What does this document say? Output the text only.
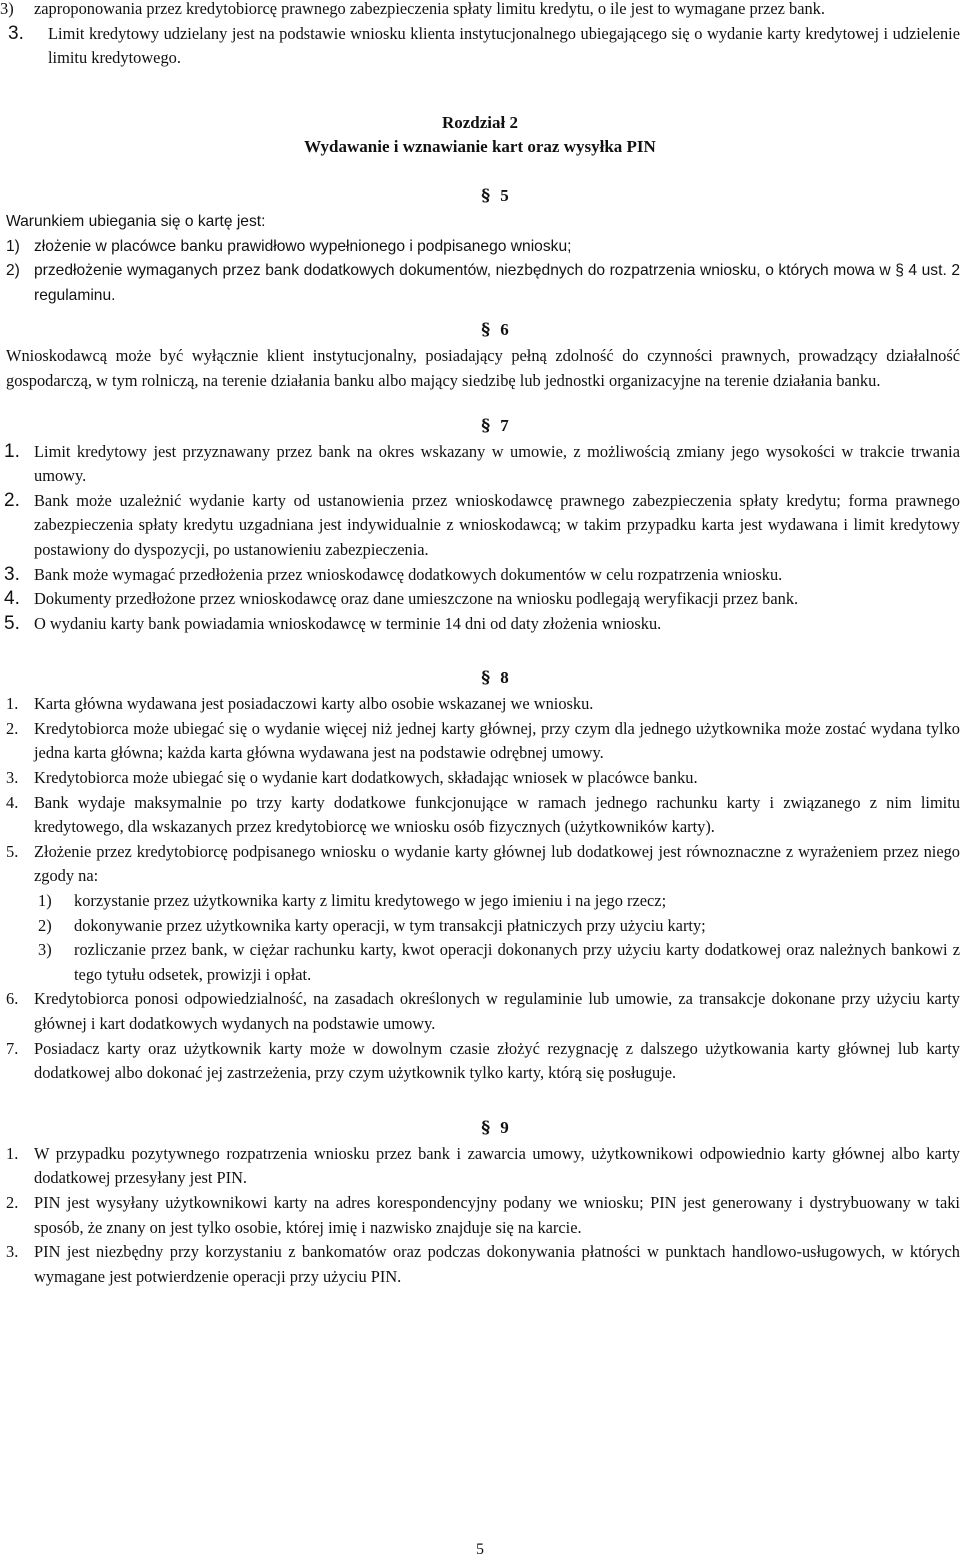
3) zaproponowania przez kredytobiorcę prawnego zabezpieczenia spłaty limitu kredytu, o ile jest to wymagane przez bank.
3. Limit kredytowy udzielany jest na podstawie wniosku klienta instytucjonalnego ubiegającego się o wydanie karty kredytowej i udzielenie limitu kredytowego.
Rozdział 2
Wydawanie i wznawianie kart oraz wysyłka PIN
§ 5
Warunkiem ubiegania się o kartę jest:
1) złożenie w placówce banku prawidłowo wypełnionego i podpisanego wniosku;
2) przedłożenie wymaganych przez bank dodatkowych dokumentów, niezbędnych do rozpatrzenia wniosku, o których mowa w § 4 ust. 2 regulaminu.
§ 6
Wnioskodawcą może być wyłącznie klient instytucjonalny, posiadający pełną zdolność do czynności prawnych, prowadzący działalność gospodarczą, w tym rolniczą, na terenie działania banku albo mający siedzibę lub jednostki organizacyjne na terenie działania banku.
§ 7
1. Limit kredytowy jest przyznawany przez bank na okres wskazany w umowie, z możliwością zmiany jego wysokości w trakcie trwania umowy.
2. Bank może uzależnić wydanie karty od ustanowienia przez wnioskodawcę prawnego zabezpieczenia spłaty kredytu; forma prawnego zabezpieczenia spłaty kredytu uzgadniana jest indywidualnie z wnioskodawcą; w takim przypadku karta jest wydawana i limit kredytowy postawiony do dyspozycji, po ustanowieniu zabezpieczenia.
3. Bank może wymagać przedłożenia przez wnioskodawcę dodatkowych dokumentów w celu rozpatrzenia wniosku.
4. Dokumenty przedłożone przez wnioskodawcę oraz dane umieszczone na wniosku podlegają weryfikacji przez bank.
5. O wydaniu karty bank powiadamia wnioskodawcę w terminie 14 dni od daty złożenia wniosku.
§ 8
1. Karta główna wydawana jest posiadaczowi karty albo osobie wskazanej we wniosku.
2. Kredytobiorca może ubiegać się o wydanie więcej niż jednej karty głównej, przy czym dla jednego użytkownika może zostać wydana tylko jedna karta główna; każda karta główna wydawana jest na podstawie odrębnej umowy.
3. Kredytobiorca może ubiegać się o wydanie kart dodatkowych, składając wniosek w placówce banku.
4. Bank wydaje maksymalnie po trzy karty dodatkowe funkcjonujące w ramach jednego rachunku karty i związanego z nim limitu kredytowego, dla wskazanych przez kredytobiorcę we wniosku osób fizycznych (użytkowników karty).
5. Złożenie przez kredytobiorcę podpisanego wniosku o wydanie karty głównej lub dodatkowej jest równoznaczne z wyrażeniem przez niego zgody na:
1) korzystanie przez użytkownika karty z limitu kredytowego w jego imieniu i na jego rzecz;
2) dokonywanie przez użytkownika karty operacji, w tym transakcji płatniczych przy użyciu karty;
3) rozliczanie przez bank, w ciężar rachunku karty, kwot operacji dokonanych przy użyciu karty dodatkowej oraz należnych bankowi z tego tytułu odsetek, prowizji i opłat.
6. Kredytobiorca ponosi odpowiedzialność, na zasadach określonych w regulaminie lub umowie, za transakcje dokonane przy użyciu karty głównej i kart dodatkowych wydanych na podstawie umowy.
7. Posiadacz karty oraz użytkownik karty może w dowolnym czasie złożyć rezygnację z dalszego użytkowania karty głównej lub karty dodatkowej albo dokonać jej zastrzeżenia, przy czym użytkownik tylko karty, którą się posługuje.
§ 9
1. W przypadku pozytywnego rozpatrzenia wniosku przez bank i zawarcia umowy, użytkownikowi odpowiednio karty głównej albo karty dodatkowej przesyłany jest PIN.
2. PIN jest wysyłany użytkownikowi karty na adres korespondencyjny podany we wniosku; PIN jest generowany i dystrybuowany w taki sposób, że znany on jest tylko osobie, której imię i nazwisko znajduje się na karcie.
3. PIN jest niezbędny przy korzystaniu z bankomatów oraz podczas dokonywania płatności w punktach handlowo-usługowych, w których wymagane jest potwierdzenie operacji przy użyciu PIN.
5
